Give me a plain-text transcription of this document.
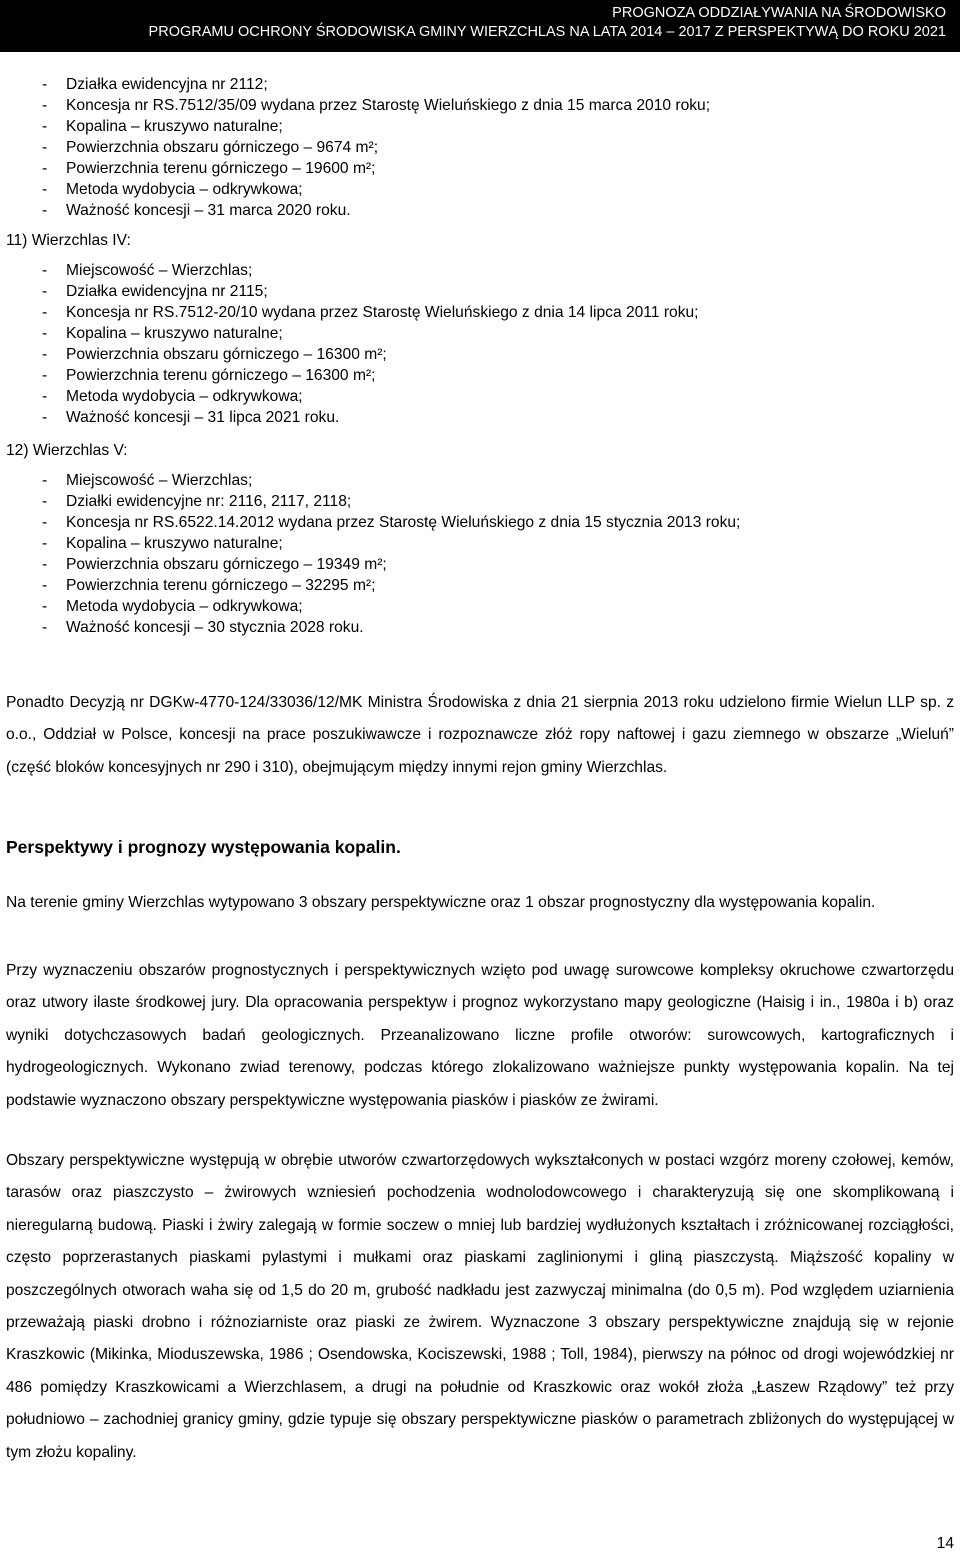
PROGNOZA ODDZIAŁYWANIA NA ŚRODOWISKO
PROGRAMU OCHRONY ŚRODOWISKA GMINY WIERZCHLAS NA LATA 2014 – 2017 Z PERSPEKTYWĄ DO ROKU 2021
-	Działka ewidencyjna nr 2112;
-	Koncesja nr RS.7512/35/09 wydana przez Starostę Wieluńskiego z dnia 15 marca 2010 roku;
-	Kopalina – kruszywo naturalne;
-	Powierzchnia obszaru górniczego – 9674 m²;
-	Powierzchnia terenu górniczego – 19600 m²;
-	Metoda wydobycia – odkrywkowa;
-	Ważność koncesji – 31 marca 2020 roku.
11) Wierzchlas IV:
-	Miejscowość – Wierzchlas;
-	Działka ewidencyjna nr 2115;
-	Koncesja nr RS.7512-20/10 wydana przez Starostę Wieluńskiego z dnia 14 lipca 2011 roku;
-	Kopalina – kruszywo naturalne;
-	Powierzchnia obszaru górniczego – 16300 m²;
-	Powierzchnia terenu górniczego – 16300 m²;
-	Metoda wydobycia – odkrywkowa;
-	Ważność koncesji – 31 lipca 2021 roku.
12) Wierzchlas V:
-	Miejscowość – Wierzchlas;
-	Działki ewidencyjne nr: 2116, 2117, 2118;
-	Koncesja nr RS.6522.14.2012 wydana przez Starostę Wieluńskiego z dnia 15 stycznia 2013 roku;
-	Kopalina – kruszywo naturalne;
-	Powierzchnia obszaru górniczego – 19349 m²;
-	Powierzchnia terenu górniczego – 32295 m²;
-	Metoda wydobycia – odkrywkowa;
-	Ważność koncesji – 30 stycznia 2028 roku.

Ponadto Decyzją nr DGKw-4770-124/33036/12/MK Ministra Środowiska z dnia 21 sierpnia 2013 roku udzielono firmie Wielun LLP sp. z o.o., Oddział w Polsce, koncesji na prace poszukiwawcze i rozpoznawcze złóż ropy naftowej i gazu ziemnego w obszarze „Wieluń” (część bloków koncesyjnych nr 290 i 310), obejmującym między innymi rejon gminy Wierzchlas.

Perspektywy i prognozy występowania kopalin.

Na terenie gminy Wierzchlas wytypowano 3 obszary perspektywiczne oraz 1 obszar prognostyczny dla występowania kopalin.

Przy wyznaczeniu obszarów prognostycznych i perspektywicznych wzięto pod uwagę surowcowe kompleksy okruchowe czwartorzędu oraz utwory ilaste środkowej jury. Dla opracowania perspektyw i prognoz wykorzystano mapy geologiczne (Haisig i in., 1980a i b) oraz wyniki dotychczasowych badań geologicznych. Przeanalizowano liczne profile otworów: surowcowych, kartograficznych i hydrogeologicznych. Wykonano zwiad terenowy, podczas którego zlokalizowano ważniejsze punkty występowania kopalin. Na tej podstawie wyznaczono obszary perspektywiczne występowania piasków i piasków ze żwirami.

Obszary perspektywiczne występują w obrębie utworów czwartorzędowych wykształconych w postaci wzgórz moreny czołowej, kemów, tarasów oraz piaszczysto – żwirowych wzniesień pochodzenia wodnolodowcowego i charakteryzują się one skomplikowaną i nieregularną budową. Piaski i żwiry zalegają w formie soczew o mniej lub bardziej wydłużonych kształtach i zróżnicowanej rozciągłości, często poprzerastanych piaskami pylastymi i mułkami oraz piaskami zaglinionymi i gliną piaszczystą. Miąższość kopaliny w poszczególnych otworach waha się od 1,5 do 20 m, grubość nadkładu jest zazwyczaj minimalna (do 0,5 m). Pod względem uziarnienia przeważają piaski drobno i różnoziarniste oraz piaski ze żwirem. Wyznaczone 3 obszary perspektywiczne znajdują się w rejonie Kraszkowic (Mikinka, Mioduszewska, 1986 ; Osendowska, Kociszewski, 1988 ; Toll, 1984), pierwszy na północ od drogi wojewódzkiej nr 486 pomiędzy Kraszkowicami a Wierzchlasem, a drugi na południe od Kraszkowic oraz wokół złoża „Łaszew Rządowy” też przy południowo – zachodniej granicy gminy, gdzie typuje się obszary perspektywiczne piasków o parametrach zbliżonych do występującej w tym złożu kopaliny.

14
